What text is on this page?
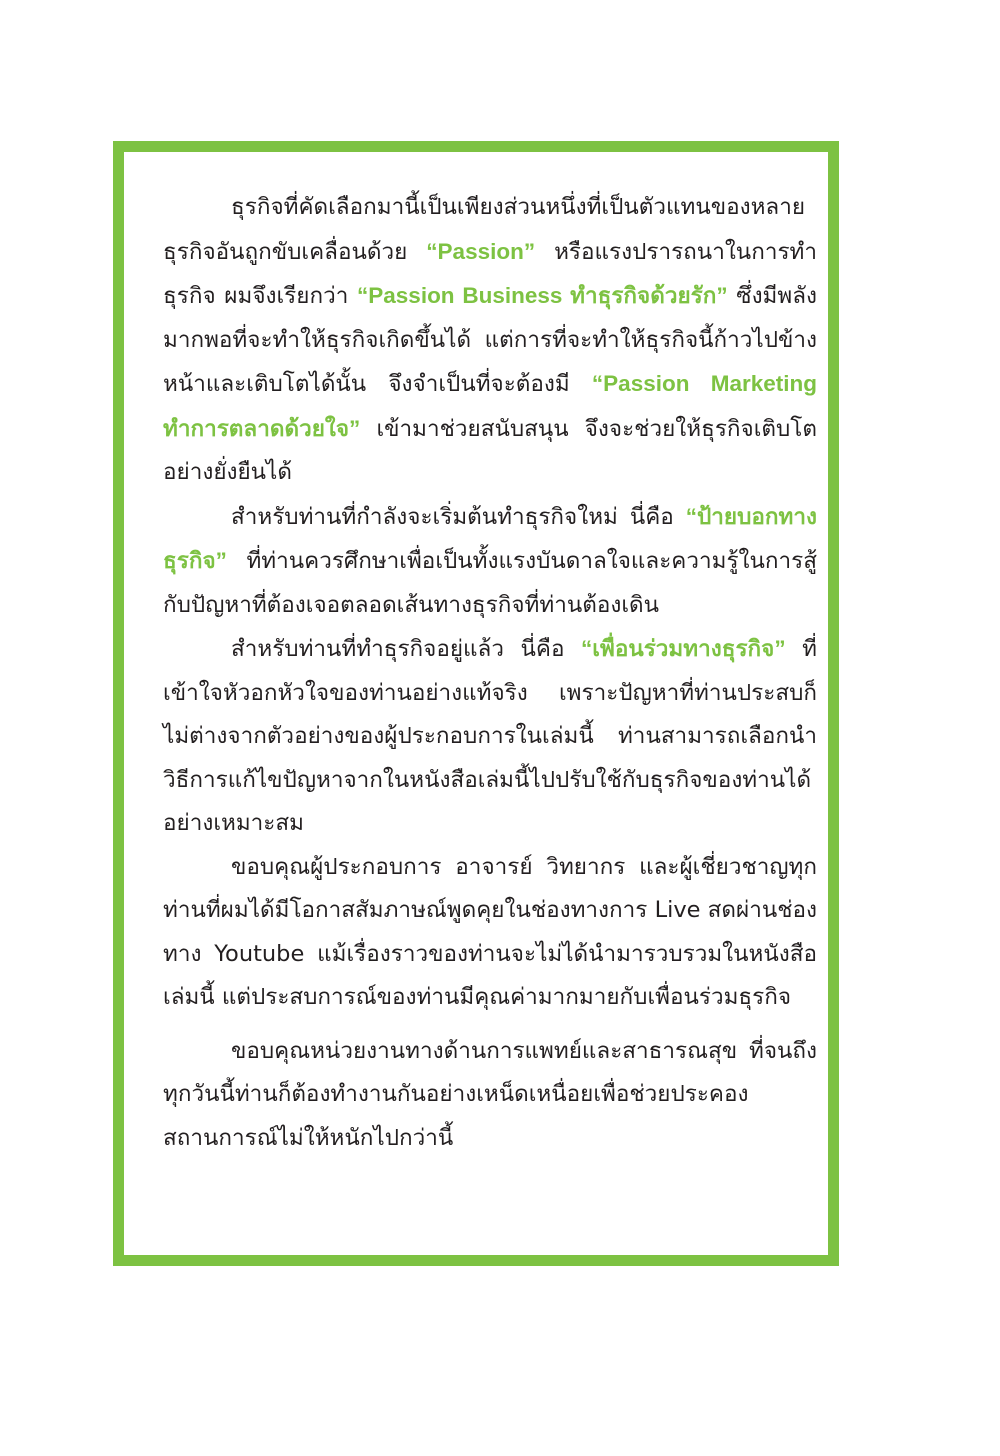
ธุรกิจที่คัดเลือกมานี้เป็นเพียงส่วนหนึ่งที่เป็นตัวแทนของหลายธุรกิจอันถูกขับเคลื่อนด้วย “Passion” หรือแรงปรารถนาในการทำธุรกิจ ผมจึงเรียกว่า “Passion Business ทำธุรกิจด้วยรัก” ซึ่งมีพลังมากพอที่จะทำให้ธุรกิจเกิดขึ้นได้ แต่การที่จะทำให้ธุรกิจนี้ก้าวไปข้างหน้าและเติบโตได้นั้น จึงจำเป็นที่จะต้องมี “Passion Marketing ทำการตลาดด้วยใจ” เข้ามาช่วยสนับสนุน จึงจะช่วยให้ธุรกิจเติบโตอย่างยั่งยืนได้

สำหรับท่านที่กำลังจะเริ่มต้นทำธุรกิจใหม่ นี่คือ “ป้ายบอกทางธุรกิจ” ที่ท่านควรศึกษาเพื่อเป็นทั้งแรงบันดาลใจและความรู้ในการสู้กับปัญหาที่ต้องเจอตลอดเส้นทางธุรกิจที่ท่านต้องเดิน

สำหรับท่านที่ทำธุรกิจอยู่แล้ว นี่คือ “เพื่อนร่วมทางธุรกิจ” ที่เข้าใจหัวอกหัวใจของท่านอย่างแท้จริง เพราะปัญหาที่ท่านประสบก็ไม่ต่างจากตัวอย่างของผู้ประกอบการในเล่มนี้ ท่านสามารถเลือกนำวิธีการแก้ไขปัญหาจากในหนังสือเล่มนี้ไปปรับใช้กับธุรกิจของท่านได้อย่างเหมาะสม

ขอบคุณผู้ประกอบการ อาจารย์ วิทยากร และผู้เชี่ยวชาญทุกท่านที่ผมได้มีโอกาสสัมภาษณ์พูดคุยในช่องทางการ Live สดผ่านช่องทาง Youtube แม้เรื่องราวของท่านจะไม่ได้นำมารวบรวมในหนังสือเล่มนี้ แต่ประสบการณ์ของท่านมีคุณค่ามากมายกับเพื่อนร่วมธุรกิจ

ขอบคุณหน่วยงานทางด้านการแพทย์และสาธารณสุข ที่จนถึงทุกวันนี้ท่านก็ต้องทำงานกันอย่างเหน็ดเหนื่อยเพื่อช่วยประคองสถานการณ์ไม่ให้หนักไปกว่านี้
